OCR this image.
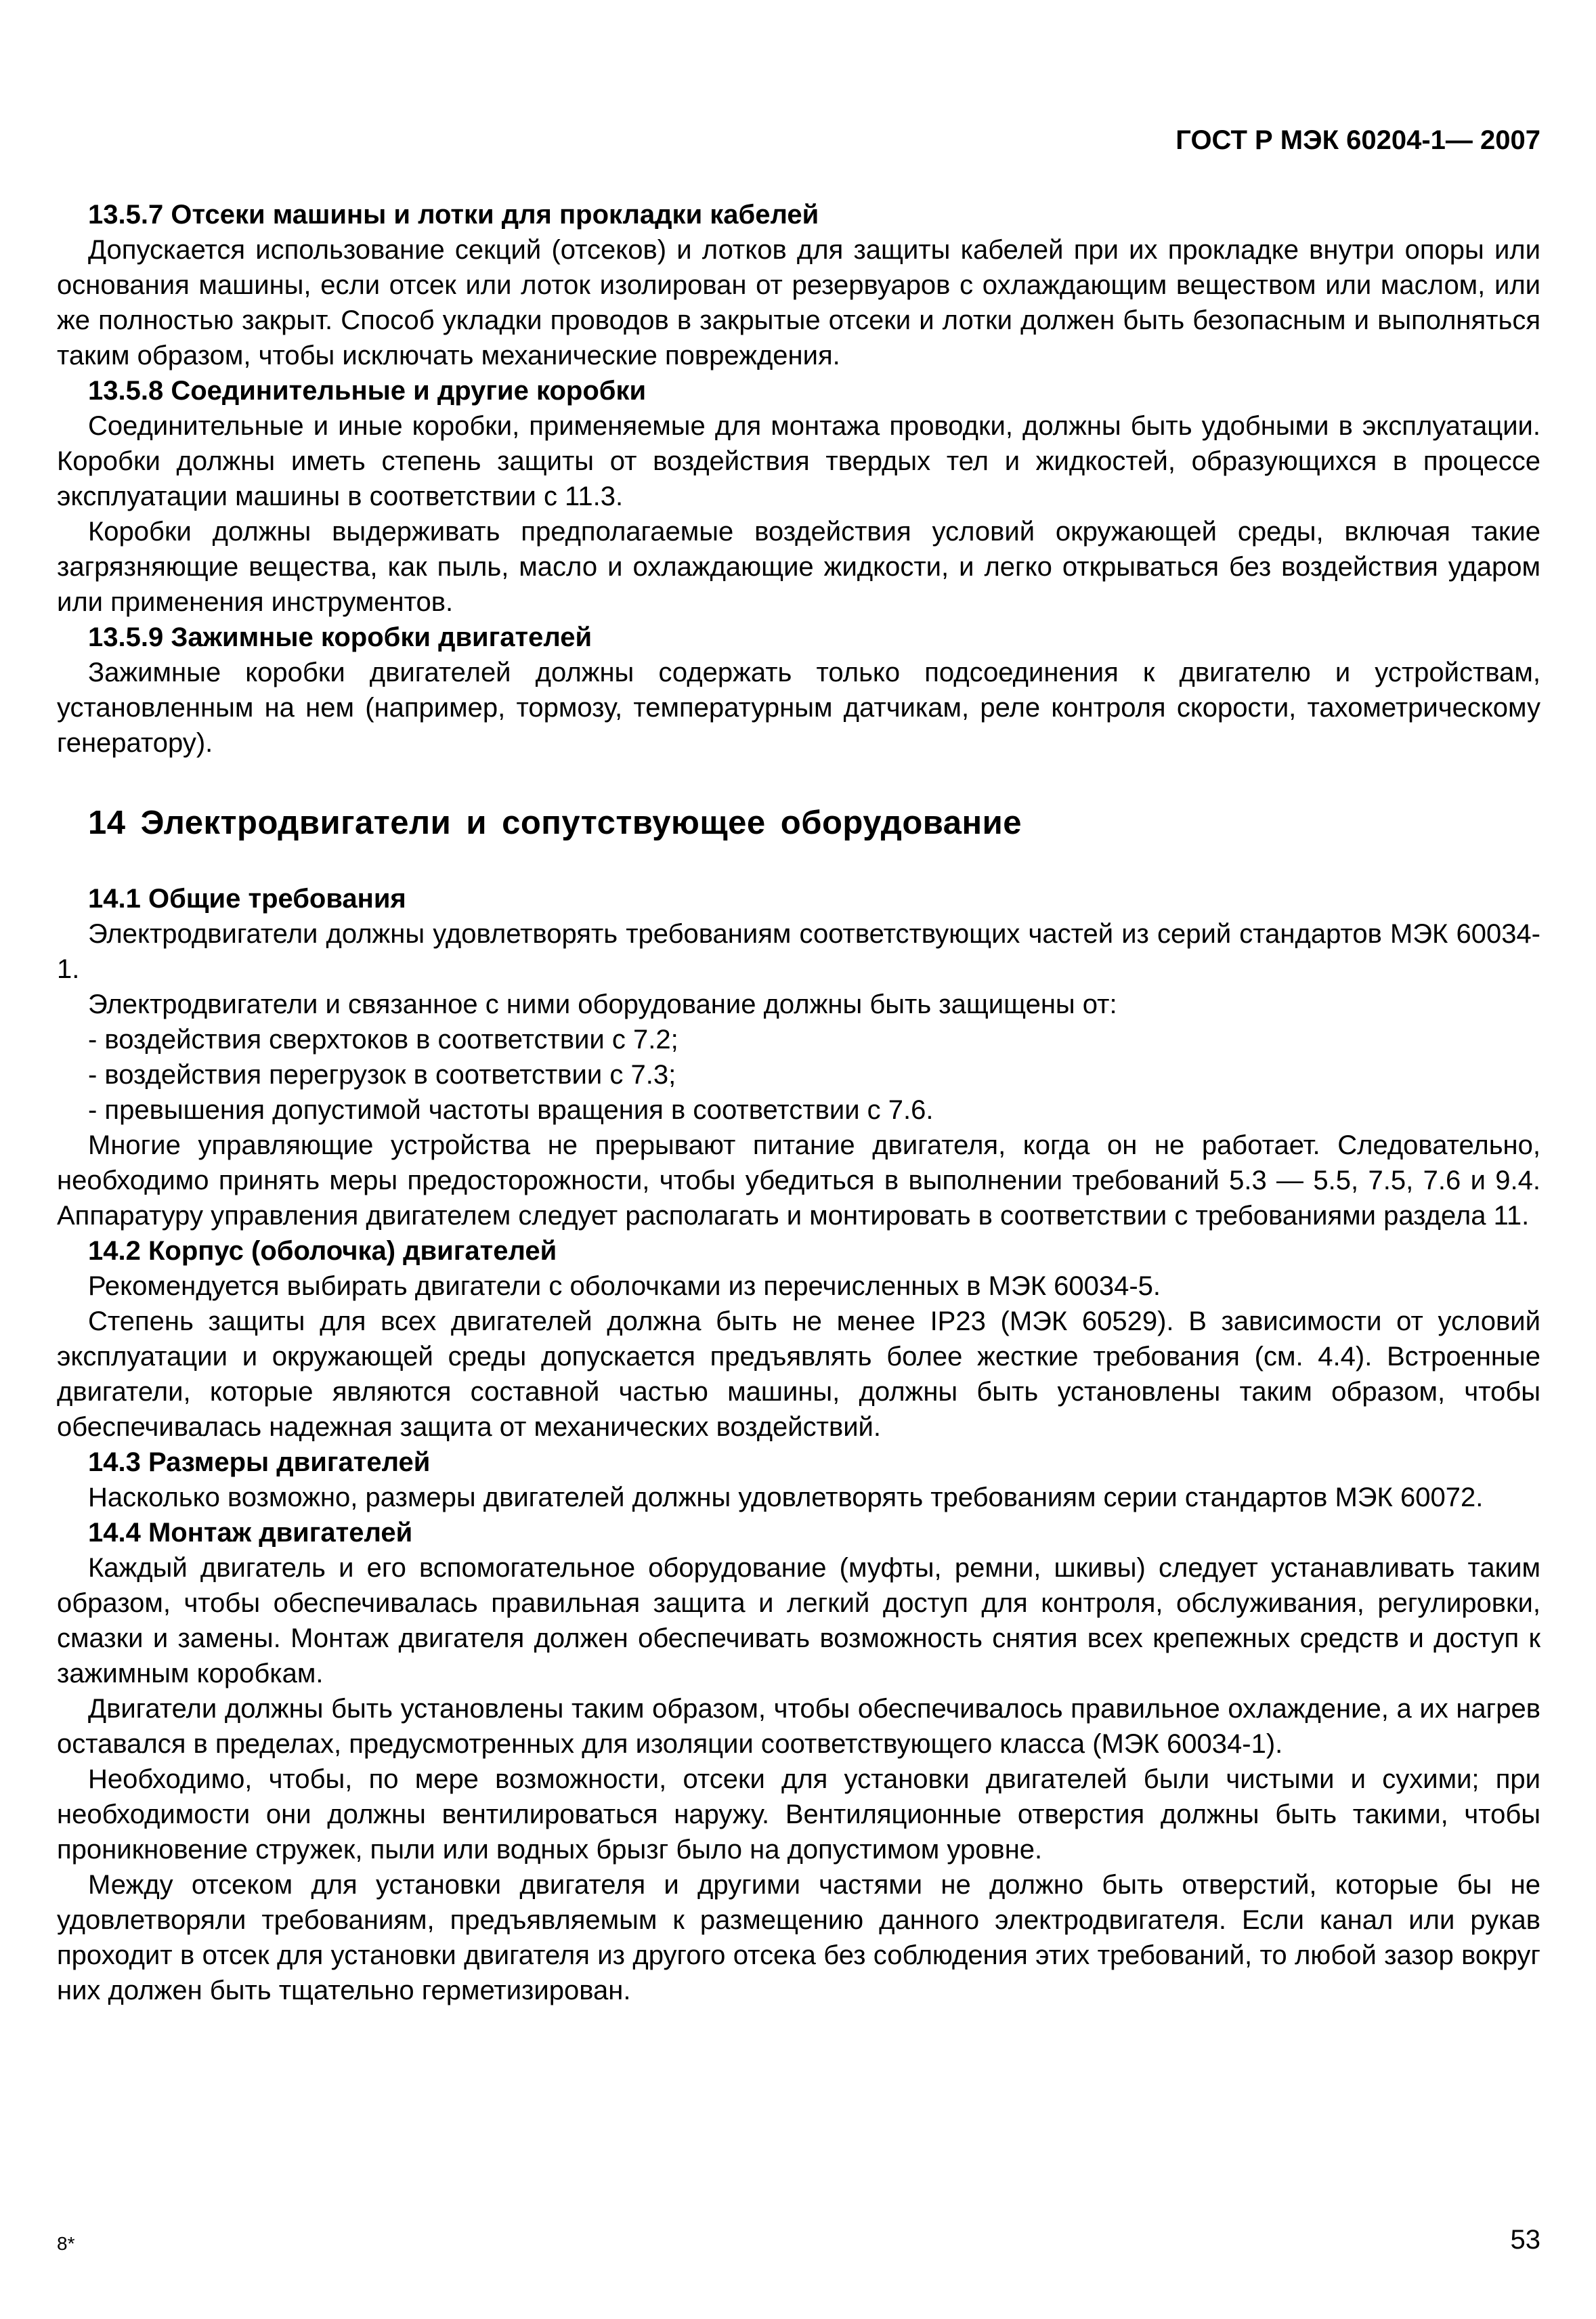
ГОСТ Р МЭК 60204-1— 2007
13.5.7 Отсеки машины и лотки для прокладки кабелей
Допускается использование секций (отсеков) и лотков для защиты кабелей при их прокладке внутри опоры или основания машины, если отсек или лоток изолирован от резервуаров с охлаждающим веществом или маслом, или же полностью закрыт. Способ укладки проводов в закрытые отсеки и лотки должен быть безопасным и выполняться таким образом, чтобы исключать механические повреждения.
13.5.8 Соединительные и другие коробки
Соединительные и иные коробки, применяемые для монтажа проводки, должны быть удобными в эксплуатации. Коробки должны иметь степень защиты от воздействия твердых тел и жидкостей, образующихся в процессе эксплуатации машины в соответствии с 11.3.
Коробки должны выдерживать предполагаемые воздействия условий окружающей среды, включая такие загрязняющие вещества, как пыль, масло и охлаждающие жидкости, и легко открываться без воздействия ударом или применения инструментов.
13.5.9 Зажимные коробки двигателей
Зажимные коробки двигателей должны содержать только подсоединения к двигателю и устройствам, установленным на нем (например, тормозу, температурным датчикам, реле контроля скорости, тахометрическому генератору).
14 Электродвигатели и сопутствующее оборудование
14.1 Общие требования
Электродвигатели должны удовлетворять требованиям соответствующих частей из серий стандартов МЭК 60034-1.
Электродвигатели и связанное с ними оборудование должны быть защищены от:
- воздействия сверхтоков в соответствии с 7.2;
- воздействия перегрузок в соответствии с 7.3;
- превышения допустимой частоты вращения в соответствии с 7.6.
Многие управляющие устройства не прерывают питание двигателя, когда он не работает. Следовательно, необходимо принять меры предосторожности, чтобы убедиться в выполнении требований 5.3 — 5.5, 7.5, 7.6 и 9.4. Аппаратуру управления двигателем следует располагать и монтировать в соответствии с требованиями раздела 11.
14.2 Корпус (оболочка) двигателей
Рекомендуется выбирать двигатели с оболочками из перечисленных в МЭК 60034-5.
Степень защиты для всех двигателей должна быть не менее IP23 (МЭК 60529). В зависимости от условий эксплуатации и окружающей среды допускается предъявлять более жесткие требования (см. 4.4). Встроенные двигатели, которые являются составной частью машины, должны быть установлены таким образом, чтобы обеспечивалась надежная защита от механических воздействий.
14.3 Размеры двигателей
Насколько возможно, размеры двигателей должны удовлетворять требованиям серии стандартов МЭК 60072.
14.4 Монтаж двигателей
Каждый двигатель и его вспомогательное оборудование (муфты, ремни, шкивы) следует устанавливать таким образом, чтобы обеспечивалась правильная защита и легкий доступ для контроля, обслуживания, регулировки, смазки и замены. Монтаж двигателя должен обеспечивать возможность снятия всех крепежных средств и доступ к зажимным коробкам.
Двигатели должны быть установлены таким образом, чтобы обеспечивалось правильное охлаждение, а их нагрев оставался в пределах, предусмотренных для изоляции соответствующего класса (МЭК 60034-1).
Необходимо, чтобы, по мере возможности, отсеки для установки двигателей были чистыми и сухими; при необходимости они должны вентилироваться наружу. Вентиляционные отверстия должны быть такими, чтобы проникновение стружек, пыли или водных брызг было на допустимом уровне.
Между отсеком для установки двигателя и другими частями не должно быть отверстий, которые бы не удовлетворяли требованиям, предъявляемым к размещению данного электродвигателя. Если канал или рукав проходит в отсек для установки двигателя из другого отсека без соблюдения этих требований, то любой зазор вокруг них должен быть тщательно герметизирован.
8*	53
